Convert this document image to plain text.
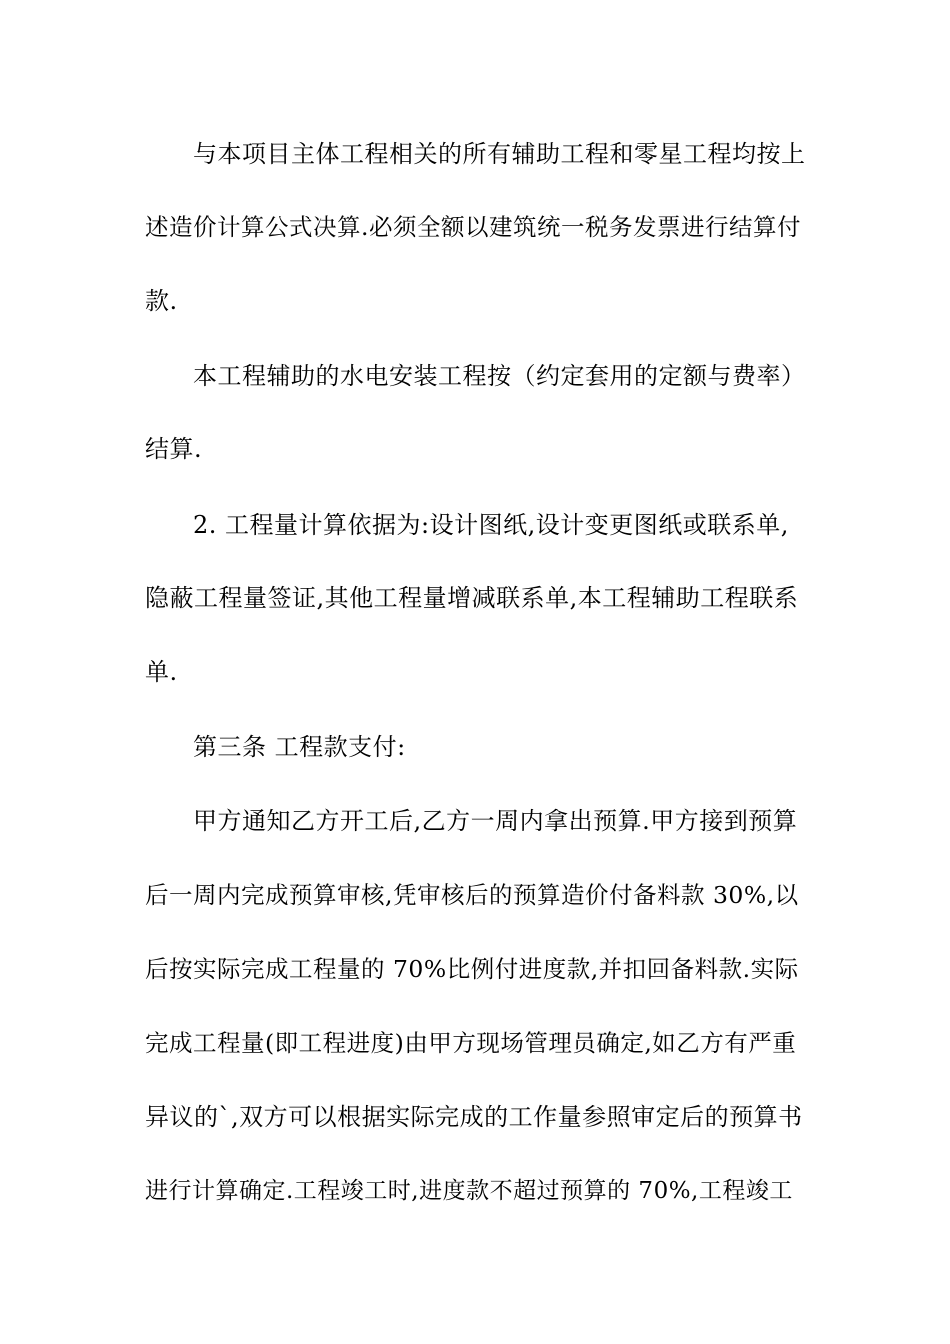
与本项目主体工程相关的所有辅助工程和零星工程均按上
述造价计算公式决算.必须全额以建筑统一税务发票进行结算付
款.
本工程辅助的水电安装工程按（约定套用的定额与费率）
结算.
2. 工程量计算依据为:设计图纸,设计变更图纸或联系单,
隐蔽工程量签证,其他工程量增减联系单,本工程辅助工程联系
单.
第三条 工程款支付:
甲方通知乙方开工后,乙方一周内拿出预算.甲方接到预算
后一周内完成预算审核,凭审核后的预算造价付备料款 30%,以
后按实际完成工程量的 70%比例付进度款,并扣回备料款.实际
完成工程量(即工程进度)由甲方现场管理员确定,如乙方有严重
异议的`,双方可以根据实际完成的工作量参照审定后的预算书
进行计算确定.工程竣工时,进度款不超过预算的 70%,工程竣工
